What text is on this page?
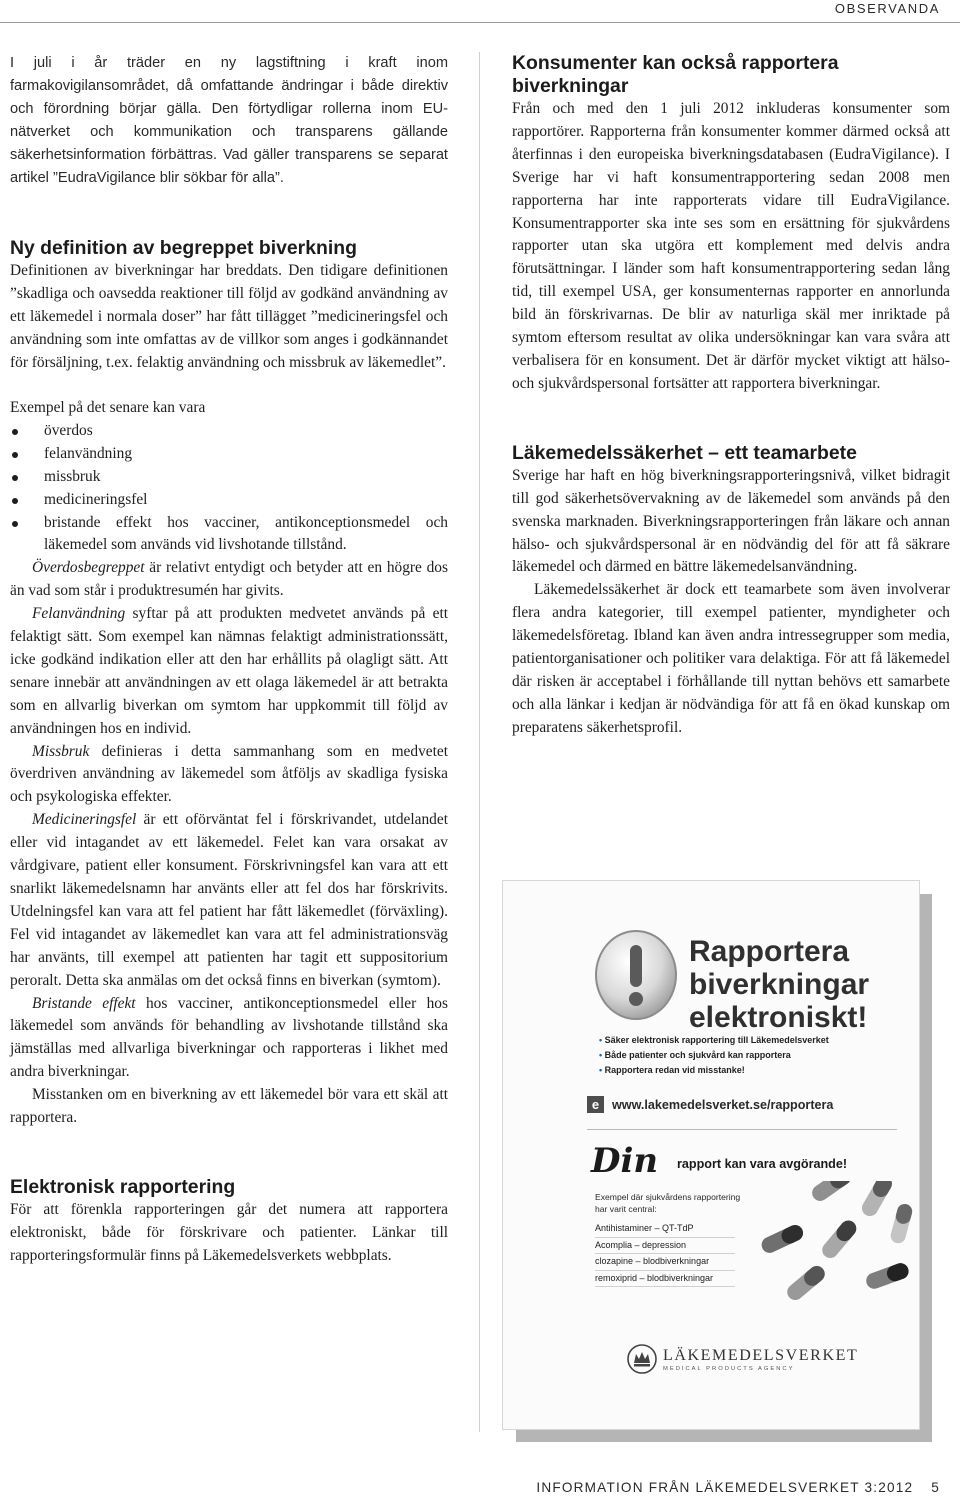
OBSERVANDA

I juli i år träder en ny lagstiftning i kraft inom farmakovigilansområdet, då omfattande ändringar i både direktiv och förordning börjar gälla. Den förtydligar rollerna inom EU-nätverket och kommunikation och transparens gällande säkerhetsinformation förbättras. Vad gäller transparens se separat artikel ”EudraVigilance blir sökbar för alla”.

Ny definition av begreppet biverkning

Definitionen av biverkningar har breddats. Den tidigare definitionen ”skadliga och oavsedda reaktioner till följd av godkänd användning av ett läkemedel i normala doser” har fått tillägget ”medicineringsfel och användning som inte omfattas av de villkor som anges i godkännandet för försäljning, t.ex. felaktig användning och missbruk av läkemedlet”.

Exempel på det senare kan vara

överdos
felanvändning
missbruk
medicineringsfel
bristande effekt hos vacciner, antikonceptionsmedel och läkemedel som används vid livshotande tillstånd.

Överdosbegreppet är relativt entydigt och betyder att en högre dos än vad som står i produktresumén har givits.

Felanvändning syftar på att produkten medvetet används på ett felaktigt sätt. Som exempel kan nämnas felaktigt administrationssätt, icke godkänd indikation eller att den har erhållits på olagligt sätt. Att senare innebär att användningen av ett olaga läkemedel är att betrakta som en allvarlig biverkan om symtom har uppkommit till följd av användningen hos en individ.

Missbruk definieras i detta sammanhang som en medvetet överdriven användning av läkemedel som åtföljs av skadliga fysiska och psykologiska effekter.

Medicineringsfel är ett oförväntat fel i förskrivandet, utdelandet eller vid intagandet av ett läkemedel. Felet kan vara orsakat av vårdgivare, patient eller konsument. Förskrivningsfel kan vara att ett snarlikt läkemedelsnamn har använts eller att fel dos har förskrivits. Utdelningsfel kan vara att fel patient har fått läkemedlet (förväxling). Fel vid intagandet av läkemedlet kan vara att fel administrationsväg har använts, till exempel att patienten har tagit ett suppositorium peroralt. Detta ska anmälas om det också finns en biverkan (symtom).

Bristande effekt hos vacciner, antikonceptionsmedel eller hos läkemedel som används för behandling av livshotande tillstånd ska jämställas med allvarliga biverkningar och rapporteras i likhet med andra biverkningar.

Misstanken om en biverkning av ett läkemedel bör vara ett skäl att rapportera.

Elektronisk rapportering

För att förenkla rapporteringen går det numera att rapportera elektroniskt, både för förskrivare och patienter. Länkar till rapporteringsformulär finns på Läkemedelsverkets webbplats.

Konsumenter kan också rapportera biverkningar

Från och med den 1 juli 2012 inkluderas konsumenter som rapportörer. Rapporterna från konsumenter kommer därmed också att återfinnas i den europeiska biverkningsdatabasen (EudraVigilance). I Sverige har vi haft konsumentrapportering sedan 2008 men rapporterna har inte rapporterats vidare till EudraVigilance. Konsumentrapporter ska inte ses som en ersättning för sjukvårdens rapporter utan ska utgöra ett komplement med delvis andra förutsättningar. I länder som haft konsumentrapportering sedan lång tid, till exempel USA, ger konsumenternas rapporter en annorlunda bild än förskrivarnas. De blir av naturliga skäl mer inriktade på symtom eftersom resultat av olika undersökningar kan vara svåra att verbalisera för en konsument. Det är därför mycket viktigt att hälso- och sjukvårdspersonal fortsätter att rapportera biverkningar.

Läkemedelssäkerhet – ett teamarbete

Sverige har haft en hög biverkningsrapporteringsnivå, vilket bidragit till god säkerhetsövervakning av de läkemedel som används på den svenska marknaden. Biverkningsrapporteringen från läkare och annan hälso- och sjukvårdspersonal är en nödvändig del för att få säkrare läkemedel och därmed en bättre läkemedelsanvändning.

Läkemedelssäkerhet är dock ett teamarbete som även involverar flera andra kategorier, till exempel patienter, myndigheter och läkemedelsföretag. Ibland kan även andra intressegrupper som media, patientorganisationer och politiker vara delaktiga. För att få läkemedel där risken är acceptabel i förhållande till nyttan behövs ett samarbete och alla länkar i kedjan är nödvändiga för att få en ökad kunskap om preparatens säkerhetsprofil.

Rapportera
biverkningar
elektroniskt!
• Säker elektronisk rapportering till Läkemedelsverket
• Både patienter och sjukvård kan rapportera
• Rapportera redan vid misstanke!
e	www.lakemedelsverket.se/rapportera
Din rapport kan vara avgörande!
Exempel där sjukvårdens rapportering
har varit central:
Antihistaminer – QT-TdP
Acomplia – depression
clozapine – blodbiverkningar
remoxiprid – blodbiverkningar
LÄKEMEDELSVERKET
MEDICAL PRODUCTS AGENCY
INFORMATION FRÅN LÄKEMEDELSVERKET 3:2012 5
